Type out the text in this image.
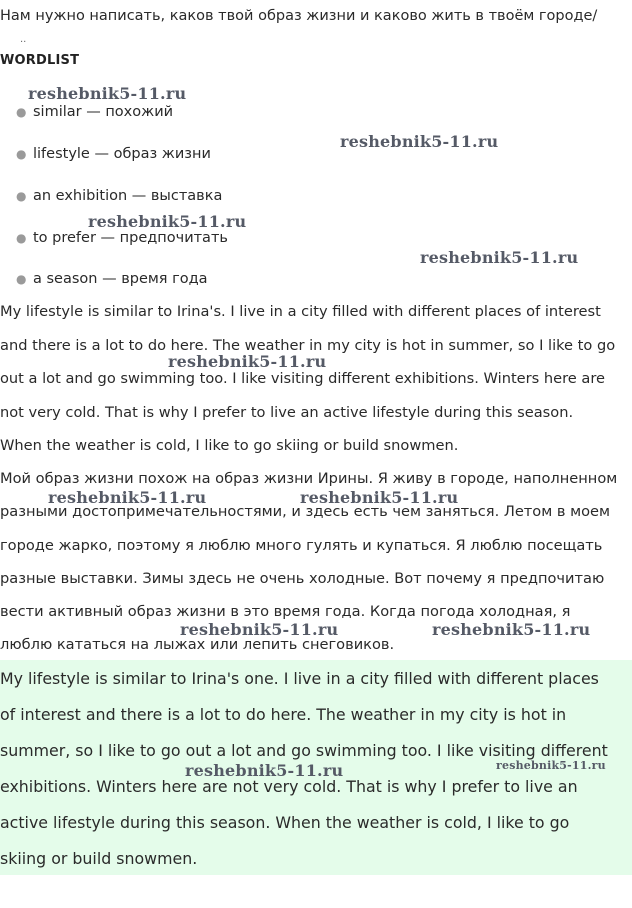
Нам нужно написать, каков твой образ жизни и каково жить в твоём городе/
..
WORDLIST
● similar — похожий
● lifestyle — образ жизни
● an exhibition — выставка
● to prefer — предпочитать
● a season — время года
My lifestyle is similar to Irina's. I live in a city filled with different places of interest
and there is a lot to do here. The weather in my city is hot in summer, so I like to go
out a lot and go swimming too. I like visiting different exhibitions. Winters here are
not very cold. That is why I prefer to live an active lifestyle during this season.
When the weather is cold, I like to go skiing or build snowmen.
Мой образ жизни похож на образ жизни Ирины. Я живу в городе, наполненном
разными достопримечательностями, и здесь есть чем заняться. Летом в моем
городе жарко, поэтому я люблю много гулять и купаться. Я люблю посещать
разные выставки. Зимы здесь не очень холодные. Вот почему я предпочитаю
вести активный образ жизни в это время года. Когда погода холодная, я
люблю кататься на лыжах или лепить снеговиков.
My lifestyle is similar to Irina's one. I live in a city filled with different places
of interest and there is a lot to do here. The weather in my city is hot in
summer, so I like to go out a lot and go swimming too. I like visiting different
exhibitions. Winters here are not very cold. That is why I prefer to live an
active lifestyle during this season. When the weather is cold, I like to go
skiing or build snowmen.
reshebnik5-11.ru
reshebnik5-11.ru
reshebnik5-11.ru
reshebnik5-11.ru
reshebnik5-11.ru
reshebnik5-11.ru	reshebnik5-11.ru
reshebnik5-11.ru	reshebnik5-11.ru
reshebnik5-11.ru	reshebnik5-11.ru
